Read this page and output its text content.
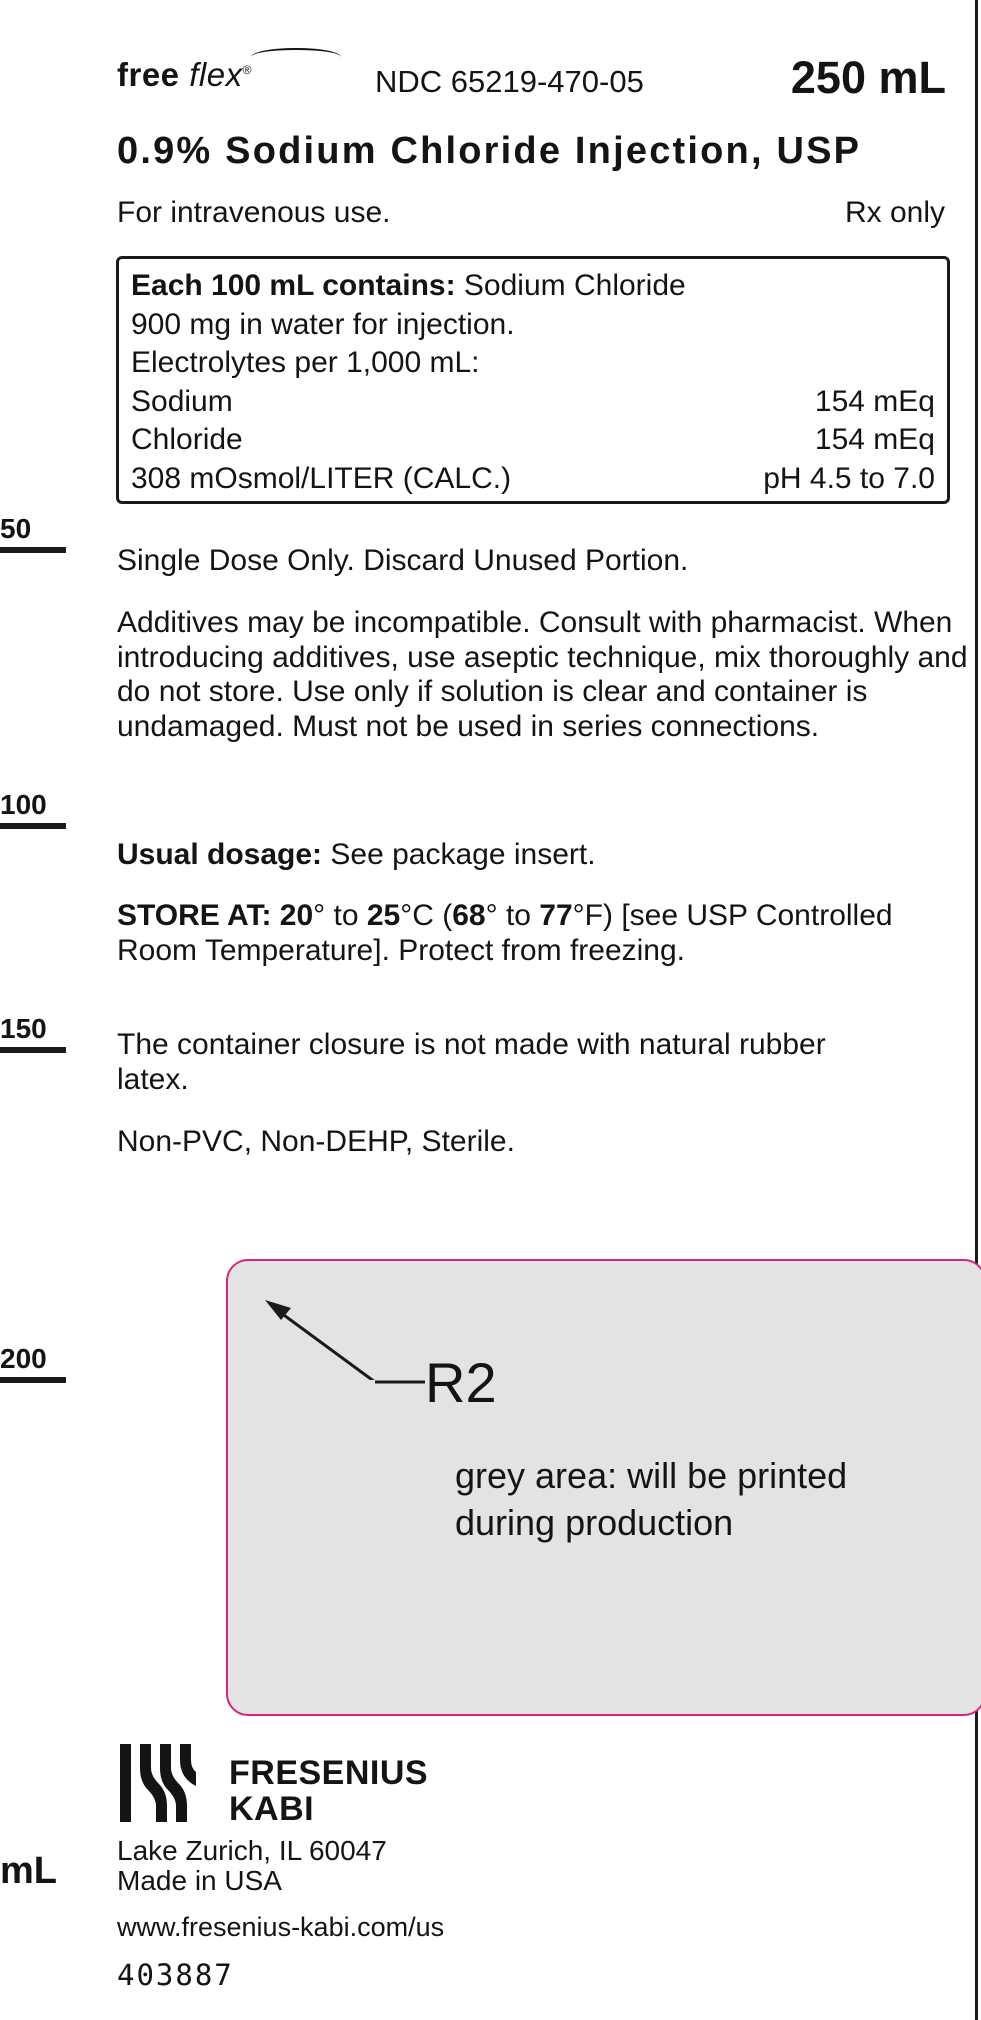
free flex®	NDC 65219-470-05	250 mL
0.9% Sodium Chloride Injection, USP
For intravenous use.	Rx only
Each 100 mL contains: Sodium Chloride
900 mg in water for injection.
Electrolytes per 1,000 mL:
Sodium	154 mEq
Chloride	154 mEq
308 mOsmol/LITER (CALC.)	pH 4.5 to 7.0
50
100
150
200
mL
Single Dose Only. Discard Unused Portion.
Additives may be incompatible. Consult with pharmacist. When introducing additives, use aseptic technique, mix thoroughly and do not store. Use only if solution is clear and container is undamaged. Must not be used in series connections.
Usual dosage: See package insert.
STORE AT: 20° to 25°C (68° to 77°F) [see USP Controlled Room Temperature]. Protect from freezing.
The container closure is not made with natural rubber latex.
Non-PVC, Non-DEHP, Sterile.
R2
grey area: will be printed
during production
FRESENIUS
KABI
Lake Zurich, IL 60047
Made in USA
www.fresenius-kabi.com/us
403887
